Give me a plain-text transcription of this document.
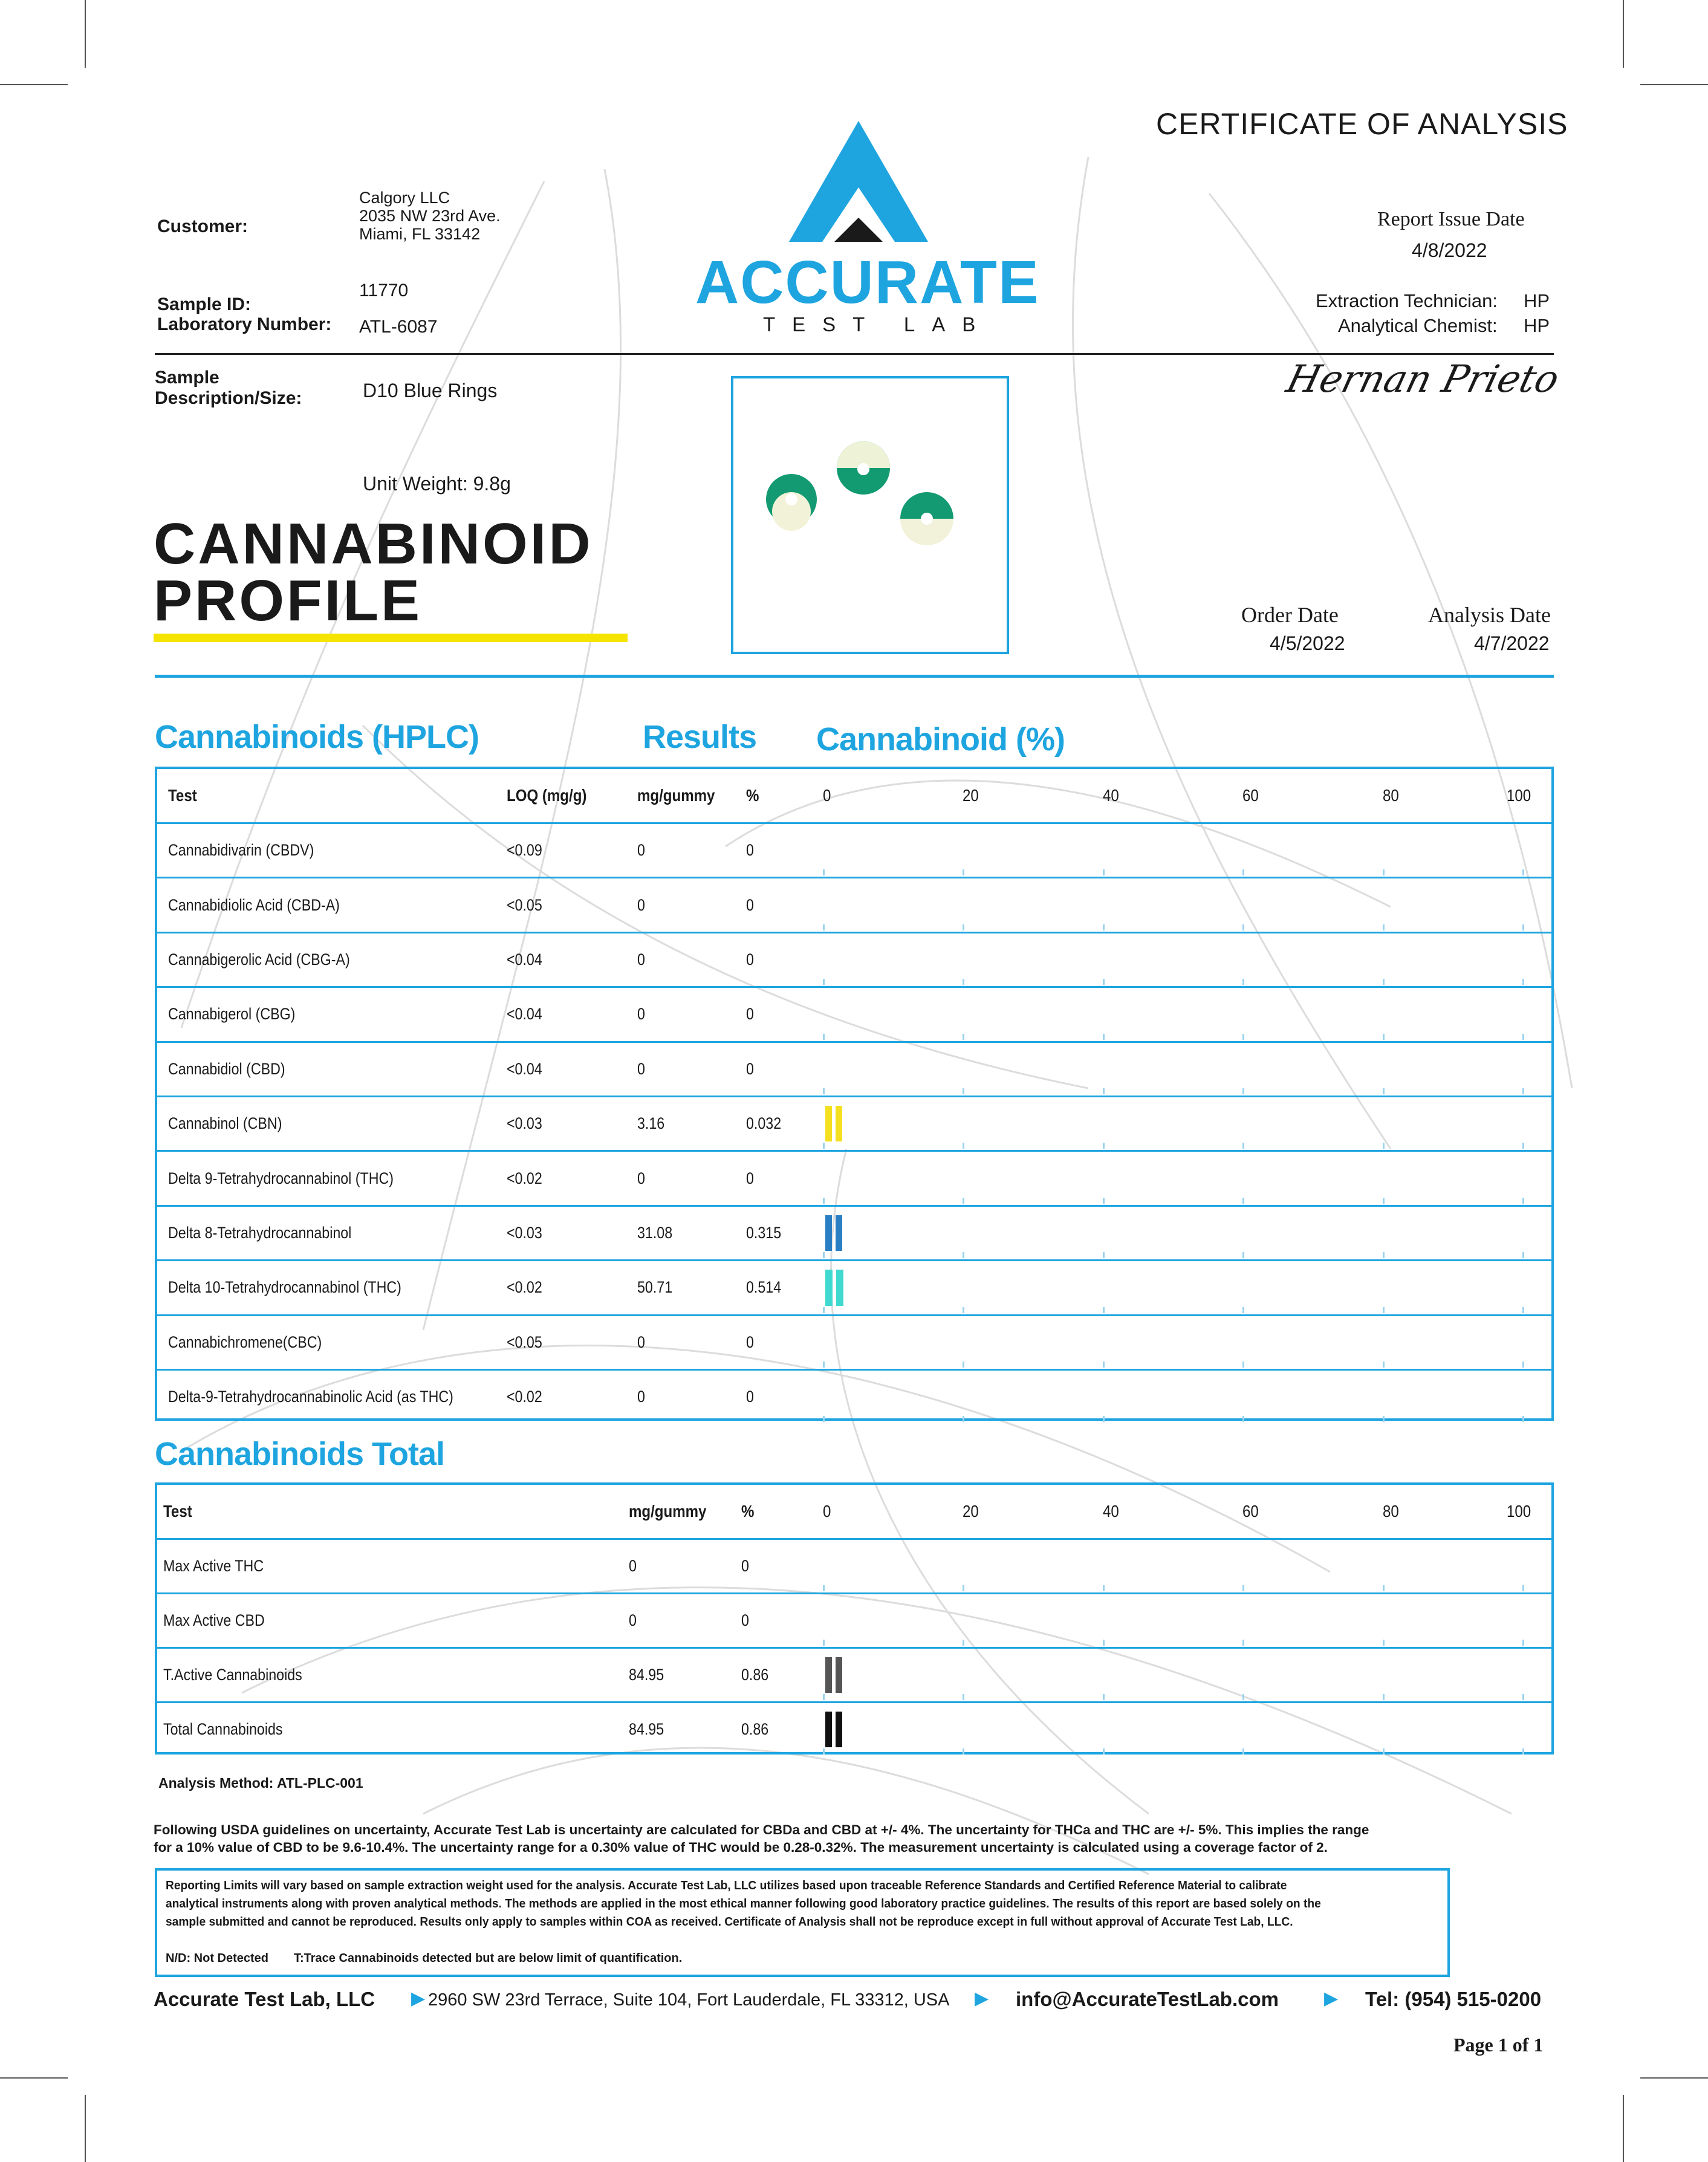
CERTIFICATE OF ANALYSIS
ACCURATE
TEST LAB
Customer:
Calgory LLC
2035 NW 23rd Ave.
Miami, FL 33142
Sample ID:
11770
Laboratory Number: ATL-6087
Report Issue Date
4/8/2022
Extraction Technician: HP
Analytical Chemist: HP
Sample
Description/Size:	D10 Blue Rings
Unit Weight: 9.8g
Hernan Prieto
CANNABINOID
PROFILE	Order Date
4/5/2022
Analysis Date
4/7/2022
Cannabinoids (HPLC)	Results Cannabinoid (%)
Test	LOQ (mg/g)	mg/gummy	%	0	20	40	60	80	100
Cannabidivarin (CBDV)	<0.09	0	0
Cannabidiolic Acid (CBD-A)	<0.05	0	0
Cannabigerolic Acid (CBG-A)	<0.04	0	0
Cannabigerol (CBG)	<0.04	0	0
Cannabidiol (CBD)	<0.04	0	0
Cannabinol (CBN)	<0.03	3.16	0.032
Delta 9-Tetrahydrocannabinol (THC)	<0.02	0	0
Delta 8-Tetrahydrocannabinol	<0.03	31.08	0.315
Delta 10-Tetrahydrocannabinol (THC)	<0.02	50.71	0.514
Cannabichromene(CBC)	<0.05	0	0
Delta-9-Tetrahydrocannabinolic Acid (as THC)	<0.02	0	0
Cannabinoids Total
Test	mg/gummy	%	0	20	40	60	80	100
Max Active THC	0	0
Max Active CBD	0	0
T.Active Cannabinoids	84.95	0.86
Total Cannabinoids	84.95	0.86
Analysis Method: ATL-PLC-001
Following USDA guidelines on uncertainty, Accurate Test Lab is uncertainty are calculated for CBDa and CBD at +/- 4%. The uncertainty for THCa and THC are +/- 5%. This implies the range
for a 10% value of CBD to be 9.6-10.4%. The uncertainty range for a 0.30% value of THC would be 0.28-0.32%. The measurement uncertainty is calculated using a coverage factor of 2.
Reporting Limits will vary based on sample extraction weight used for the analysis. Accurate Test Lab, LLC utilizes based upon traceable Reference Standards and Certified Reference Material to calibrate
analytical instruments along with proven analytical methods. The methods are applied in the most ethical manner following good laboratory practice guidelines. The results of this report are based solely on the
sample submitted and cannot be reproduced. Results only apply to samples within COA as received. Certificate of Analysis shall not be reproduce except in full without approval of Accurate Test Lab, LLC.
N/D: Not Detected T:Trace Cannabinoids detected but are below limit of quantification.
Accurate Test Lab, LLC ▶ 2960 SW 23rd Terrace, Suite 104, Fort Lauderdale, FL 33312, USA ▶ info@AccurateTestLab.com	▶ Tel: (954) 515-0200
Page 1 of 1
